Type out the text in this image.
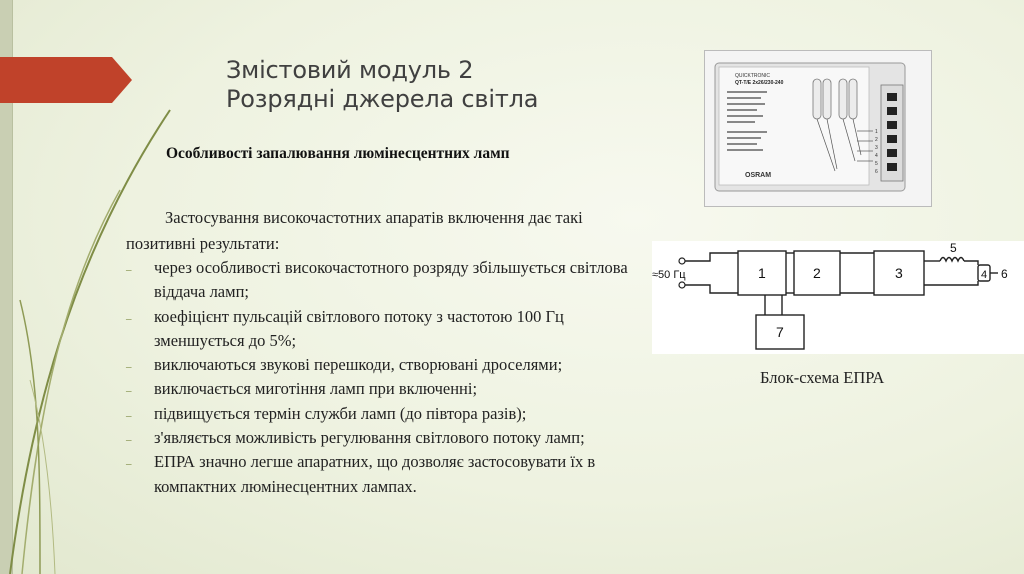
Змістовий модуль 2
Розрядні джерела світла

Особливості запалювання люмінесцентних ламп

Застосування високочастотних апаратів включення дає такі позитивні результати:

– через особливості високочастотного розряду збільшується світлова віддача ламп;
– коефіцієнт пульсацій світлового потоку з частотою 100 Гц зменшується до 5%;
– виключаються звукові перешкоди, створювані дроселями;
– виключається миготіння ламп при включенні;
– підвищується термін служби ламп (до півтора разів);
– з'являється можливість регулювання світлового потоку ламп;
– ЕПРА значно легше апаратних, що дозволяє застосовувати їх в компактних люмінесцентних лампах.
QUICKTRONIC
QT-T/E 2x26/230-240
1
2
3
4
5
6
OSRAM
≈50 Гц	1	2	3
7
5
4 6

Блок-схема ЕПРА
